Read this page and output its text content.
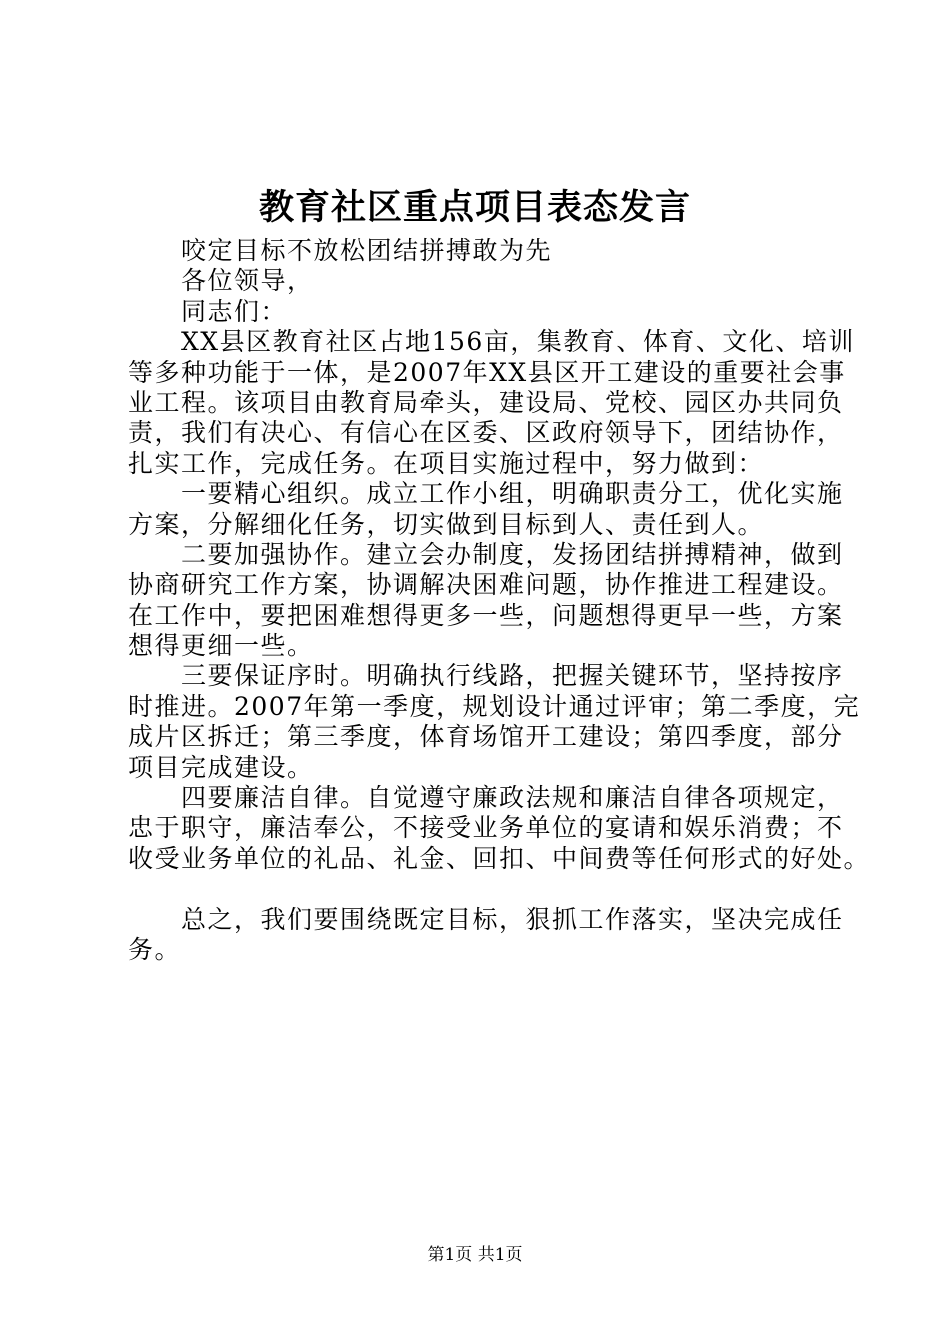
教育社区重点项目表态发言
咬定目标不放松团结拼搏敢为先
各位领导，
同志们：
XX县区教育社区占地156亩，集教育、体育、文化、培训
等多种功能于一体，是2007年XX县区开工建设的重要社会事
业工程。该项目由教育局牵头，建设局、党校、园区办共同负
责，我们有决心、有信心在区委、区政府领导下，团结协作，
扎实工作，完成任务。在项目实施过程中，努力做到：
一要精心组织。成立工作小组，明确职责分工，优化实施
方案，分解细化任务，切实做到目标到人、责任到人。
二要加强协作。建立会办制度，发扬团结拼搏精神，做到
协商研究工作方案，协调解决困难问题，协作推进工程建设。
在工作中，要把困难想得更多一些，问题想得更早一些，方案
想得更细一些。
三要保证序时。明确执行线路，把握关键环节，坚持按序
时推进。2007年第一季度，规划设计通过评审；第二季度，完
成片区拆迁；第三季度，体育场馆开工建设；第四季度，部分
项目完成建设。
四要廉洁自律。自觉遵守廉政法规和廉洁自律各项规定，
忠于职守，廉洁奉公，不接受业务单位的宴请和娱乐消费；不
收受业务单位的礼品、礼金、回扣、中间费等任何形式的好处。
总之，我们要围绕既定目标，狠抓工作落实，坚决完成任
务。
第1页 共1页
